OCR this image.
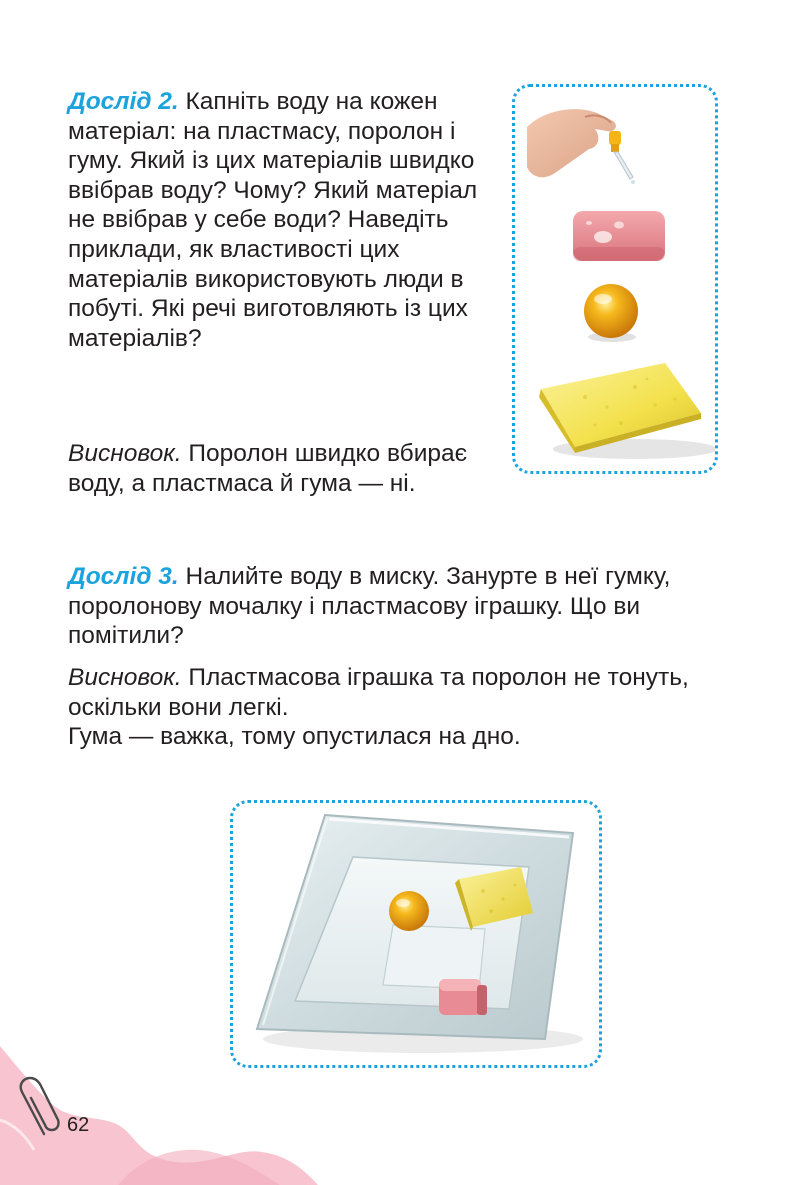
Дослід 2. Капніть воду на кожен матеріал: на пластмасу, поролон і гуму. Який із цих матеріалів швидко ввібрав воду? Чому? Який матеріал не ввібрав у себе води? Наведіть приклади, як властивості цих матеріалів використовують люди в побуті. Які речі виготовляють із цих матеріалів?

Висновок. Поролон швидко вбирає воду, а пластмаса й гума — ні.

Дослід 3. Налийте воду в миску. Занурте в неї гумку, поролонову мочалку і пластмасову іграшку. Що ви помітили?

Висновок. Пластмасова іграшка та поролон не тонуть, оскільки вони легкі.
Гума — важка, тому опустилася на дно.

62
